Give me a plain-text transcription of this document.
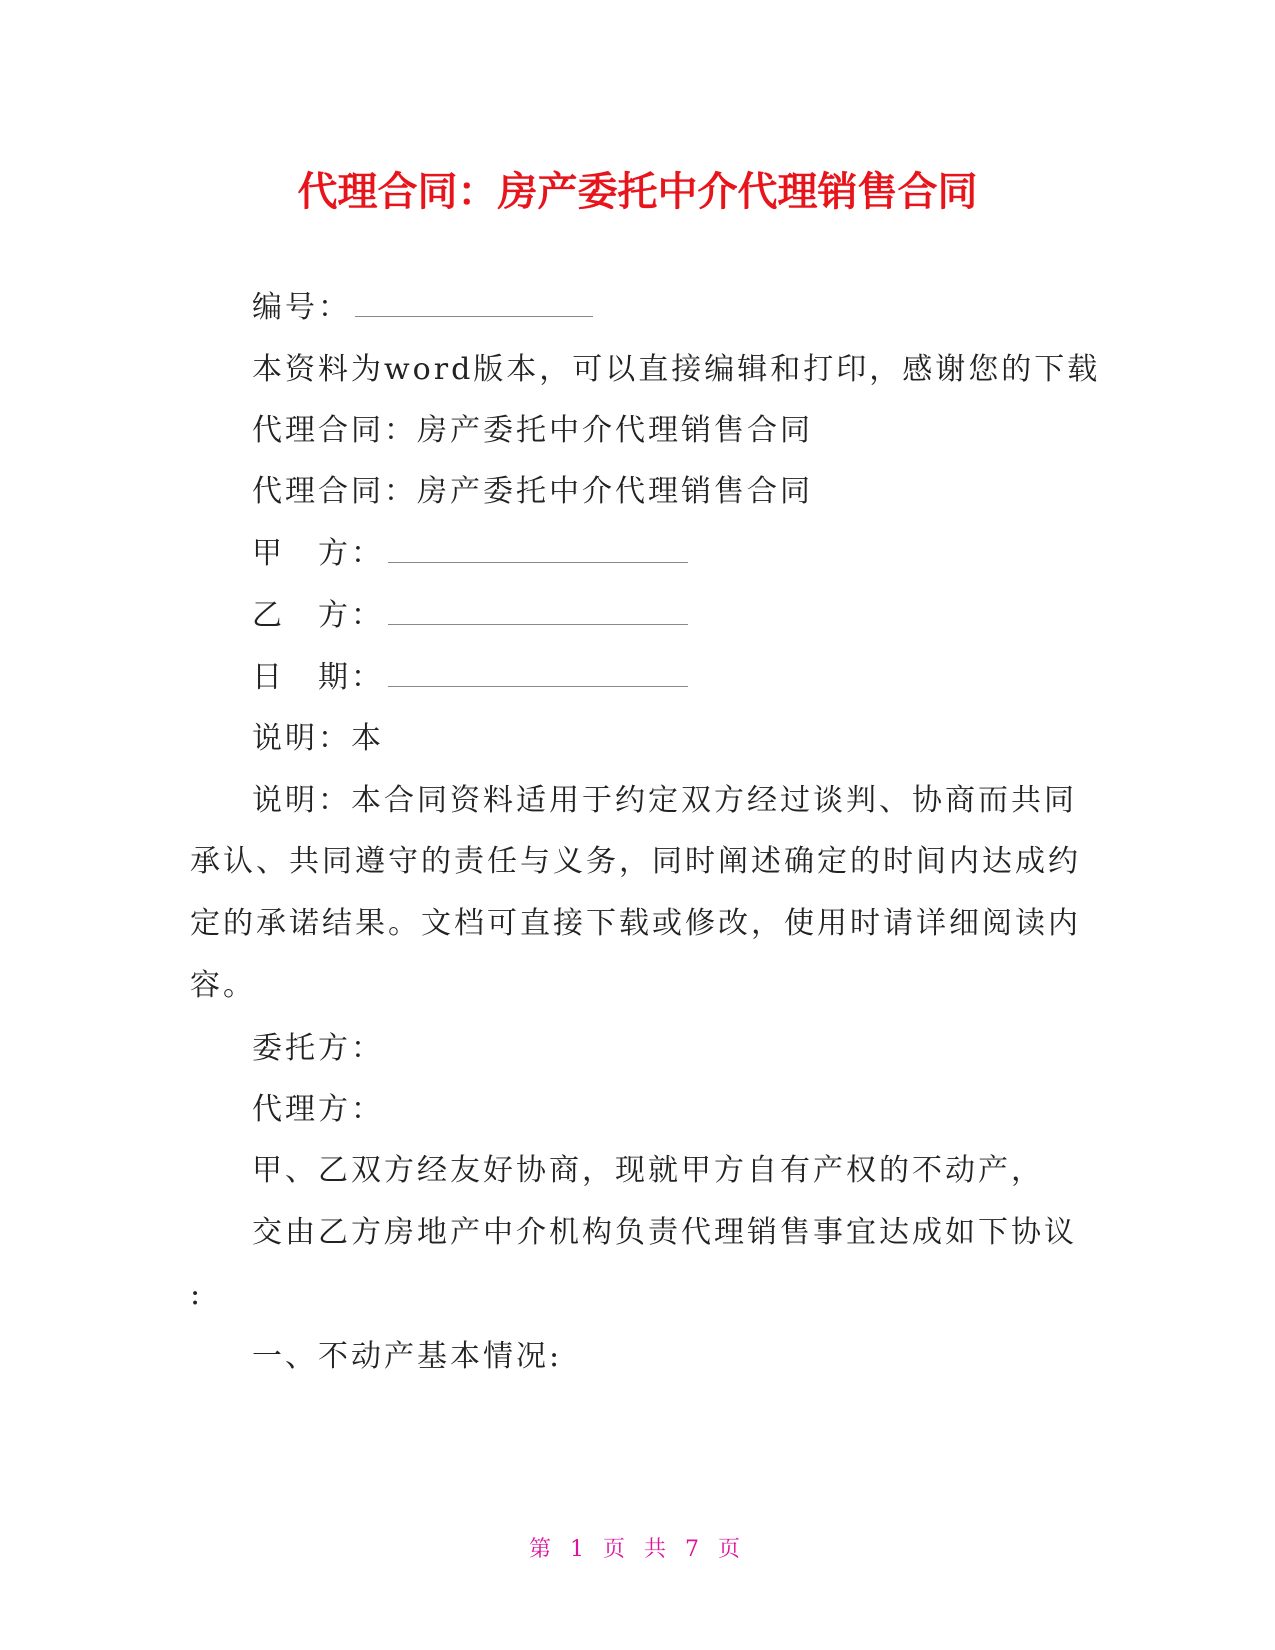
代理合同：房产委托中介代理销售合同
编号：
本资料为word版本，可以直接编辑和打印，感谢您的下载
代理合同：房产委托中介代理销售合同
代理合同：房产委托中介代理销售合同
甲　方：
乙　方：
日　期：
说明：本
说明：本合同资料适用于约定双方经过谈判、协商而共同
承认、共同遵守的责任与义务，同时阐述确定的时间内达成约
定的承诺结果。文档可直接下载或修改，使用时请详细阅读内
容。
委托方：
代理方：
甲、乙双方经友好协商，现就甲方自有产权的不动产，
交由乙方房地产中介机构负责代理销售事宜达成如下协议
:
一、不动产基本情况:
第 1 页 共 7 页
